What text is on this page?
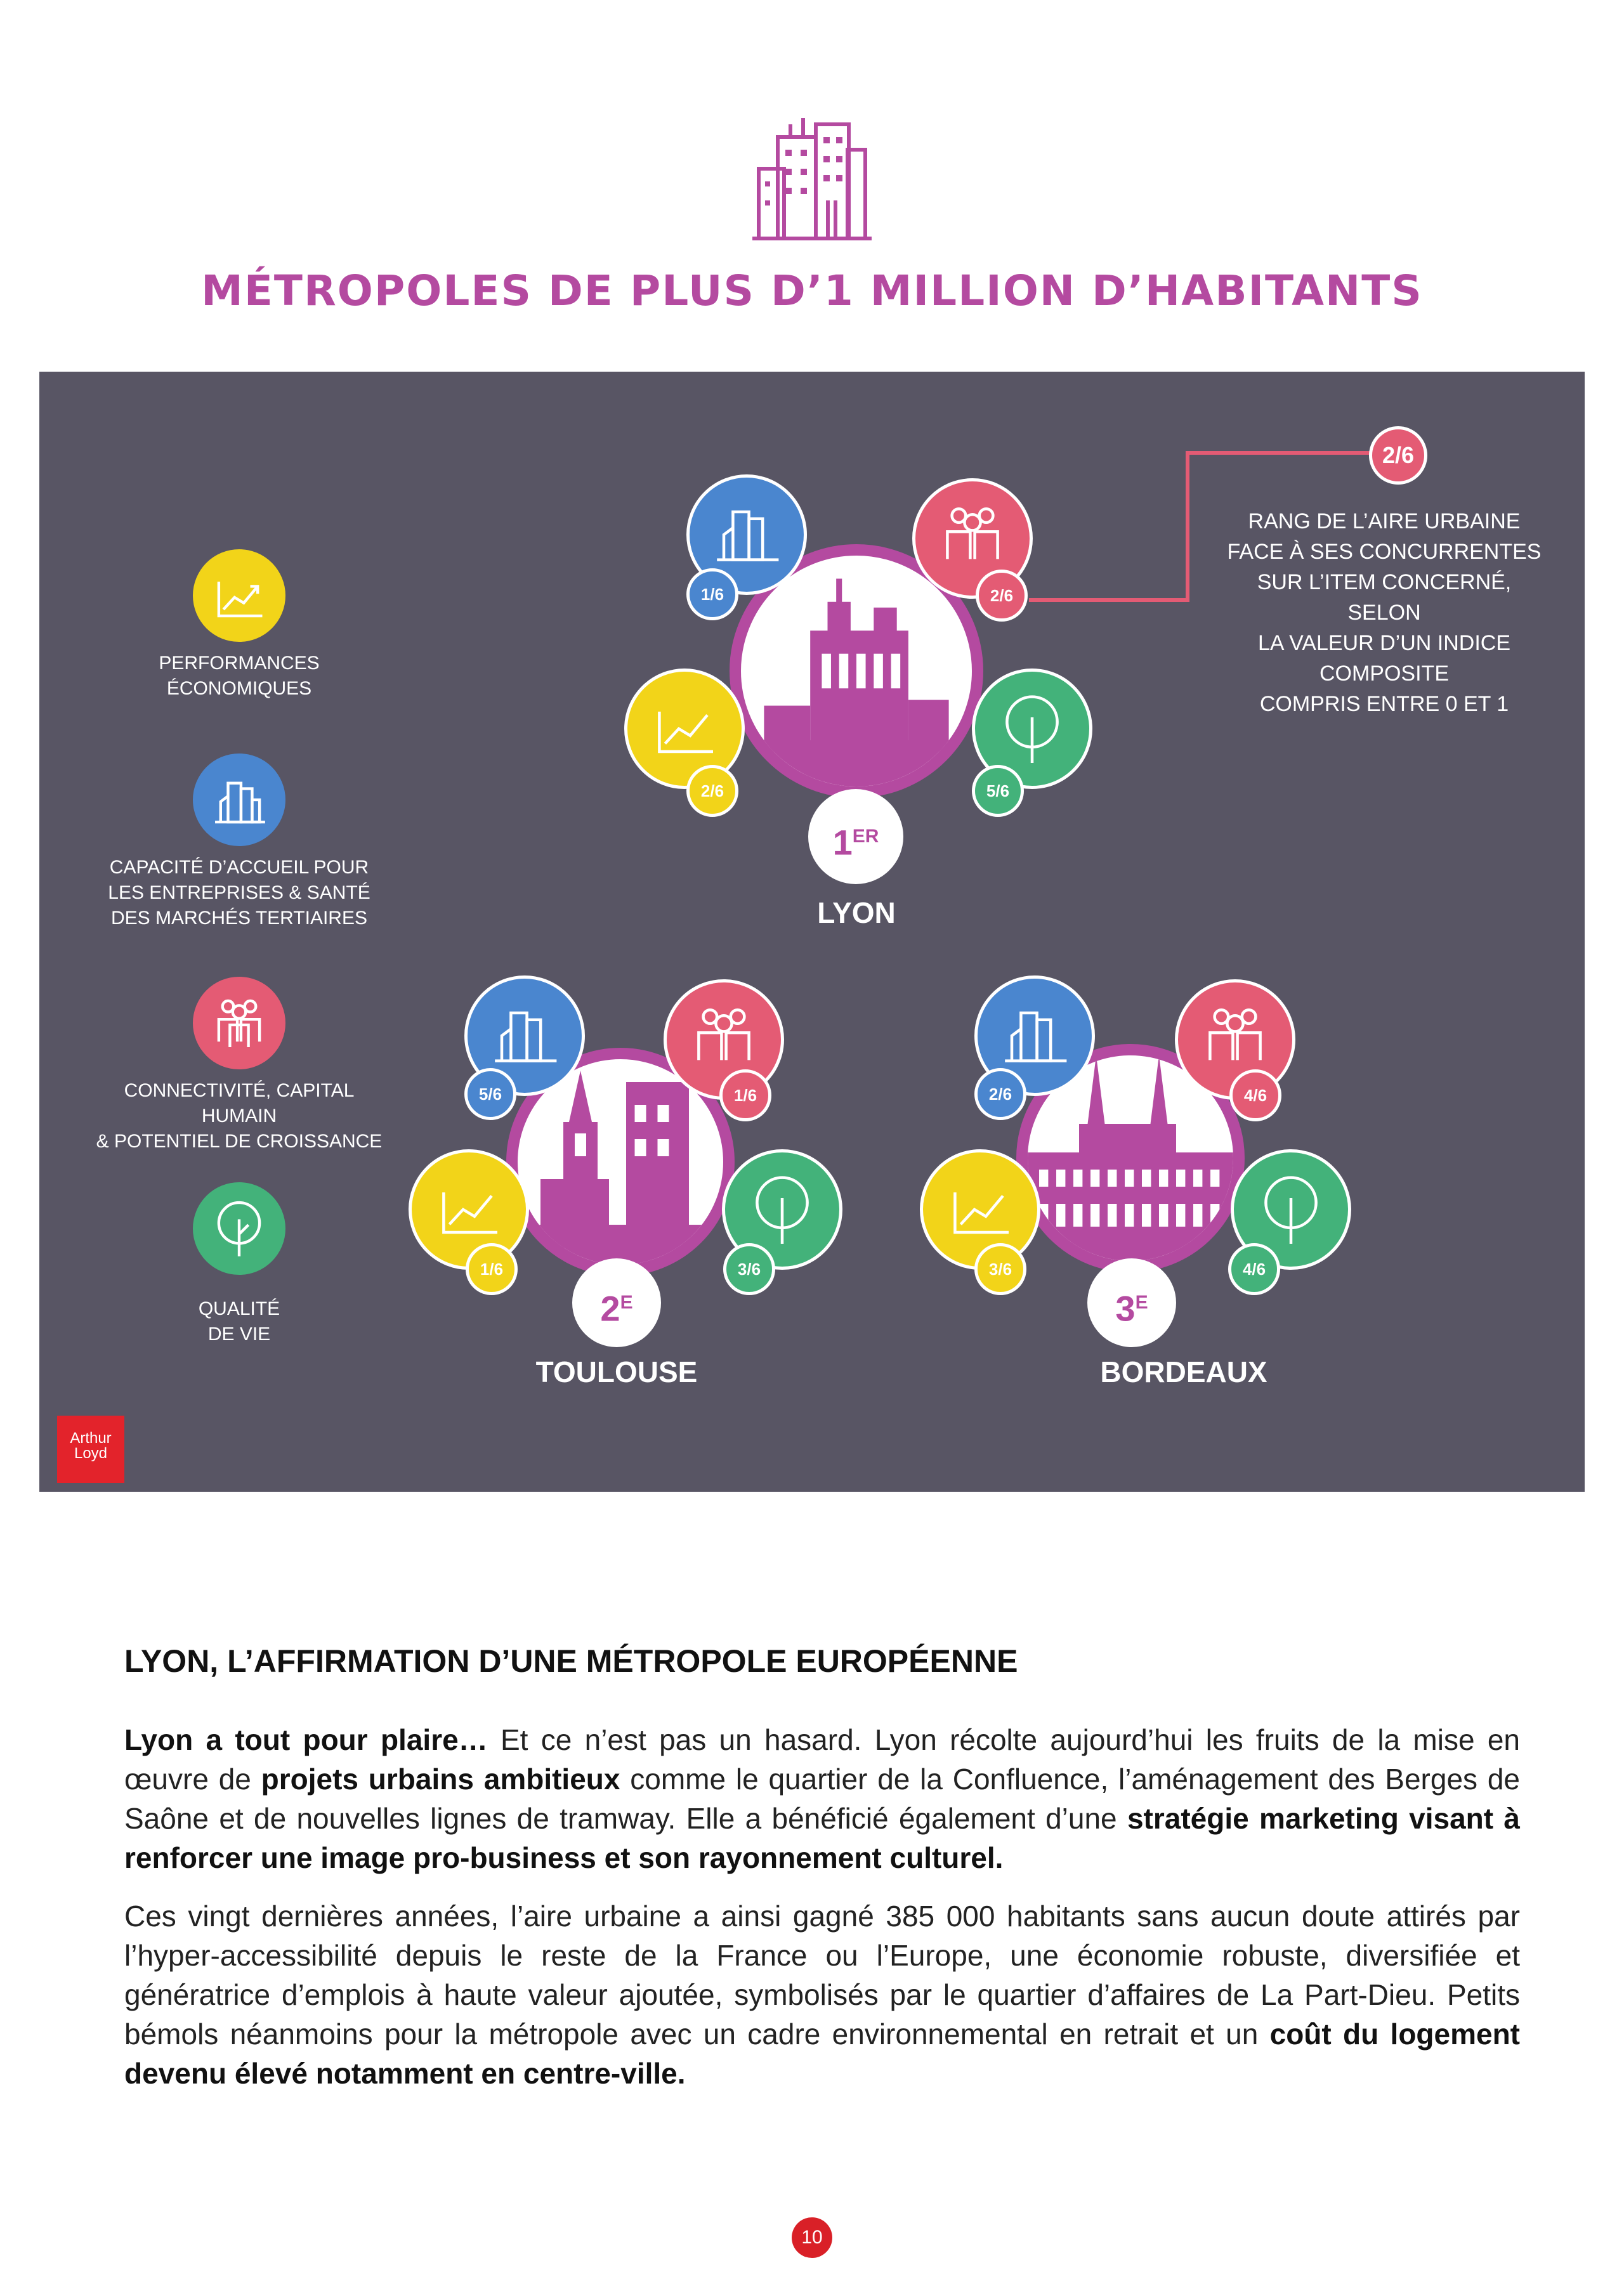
MÉTROPOLES DE PLUS D’1 MILLION D’HABITANTS
PERFORMANCES
ÉCONOMIQUES
CAPACITÉ D’ACCUEIL POUR
LES ENTREPRISES & SANTÉ
DES MARCHÉS TERTIAIRES
CONNECTIVITÉ, CAPITAL HUMAIN
& POTENTIEL DE CROISSANCE
QUALITÉ
DE VIE
2/6
RANG DE L’AIRE URBAINE
FACE À SES CONCURRENTES
SUR L’ITEM CONCERNÉ,
SELON
LA VALEUR D’UN INDICE
COMPOSITE
COMPRIS ENTRE 0 ET 1
1/6	2/6
2/6	5/6
1ER
LYON
5/6	1/6
1/6	3/6
$2^E$
TOULOUSE
2/6	4/6
3/6	4/6
$3^E$
BORDEAUX
Arthur
Loyd
LYON, L’AFFIRMATION D’UNE MÉTROPOLE EUROPÉENNE
Lyon a tout pour plaire… Et ce n’est pas un hasard. Lyon récolte aujourd’hui les fruits de la mise en œuvre de projets urbains ambitieux comme le quartier de la Confluence, l’aménagement des Berges de Saône et de nouvelles lignes de tramway. Elle a bénéficié également d’une stratégie marketing visant à renforcer une image pro-business et son rayonnement culturel.
Ces vingt dernières années, l’aire urbaine a ainsi gagné 385 000 habitants sans aucun doute attirés par l’hyper-accessibilité depuis le reste de la France ou l’Europe, une économie robuste, diversifiée et génératrice d’emplois à haute valeur ajoutée, symbolisés par le quartier d’affaires de La Part-Dieu. Petits bémols néanmoins pour la métropole avec un cadre environnemental en retrait et un coût du logement devenu élevé notamment en centre-ville.
10
